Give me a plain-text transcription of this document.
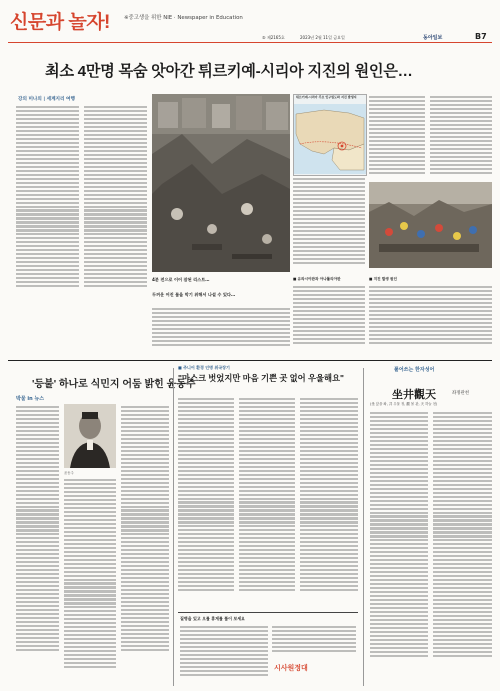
신문과 놀자!	※중고생을 위한 NIE · Newspaper in Education
⑤ 제2165호	2023년 2월 11일 금요일	동아일보	B7
최소 4만명 목숨 앗아간 튀르키예-시리아 지진의 원인은…
강의 미나의 | 세계지리 여행	튀르키예-시리아 주요 인구밀도와 지진 발생지
4분 전으로 이어 잠된 리스트…
두꺼운 어진 물을 막기 위해서 나설 수 있다…
■ 유라시아판과 아나톨리아판	■ 지진 발생 원인
'등불' 하나로 식민지 어둠 밝힌 윤동주
박물 in 뉴스
윤동주
■ 주니어 환경 인명 위국장기
"마스크 벗었지만 마음 기쁜 곳 없어 우울해요"
질병을 있고 오를 휴게를 풀이 보세요
시사원정대
풀어쓰는 한자성어
坐井觀天	좌정관천
(坐 앉을 좌, 井 우물 정, 觀 볼 관, 天 하늘 천)
